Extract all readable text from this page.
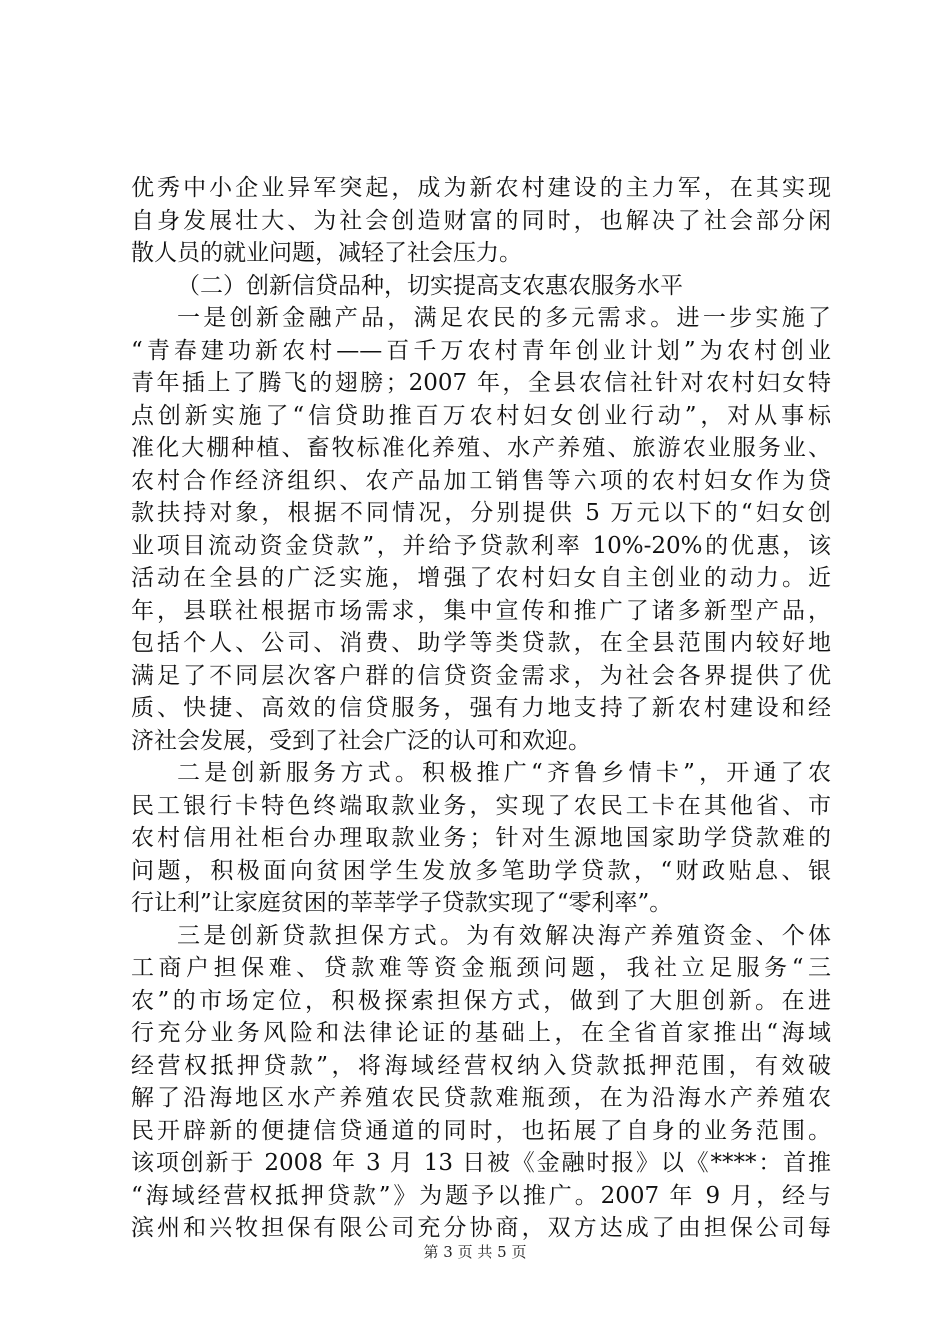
优秀中小企业异军突起，成为新农村建设的主力军，在其实现
自身发展壮大、为社会创造财富的同时，也解决了社会部分闲
散人员的就业问题，减轻了社会压力。
（二）创新信贷品种，切实提高支农惠农服务水平
一是创新金融产品，满足农民的多元需求。进一步实施了
“青春建功新农村——百千万农村青年创业计划”为农村创业
青年插上了腾飞的翅膀；2007 年，全县农信社针对农村妇女特
点创新实施了“信贷助推百万农村妇女创业行动”，对从事标
准化大棚种植、畜牧标准化养殖、水产养殖、旅游农业服务业、
农村合作经济组织、农产品加工销售等六项的农村妇女作为贷
款扶持对象，根据不同情况，分别提供 5 万元以下的“妇女创
业项目流动资金贷款”，并给予贷款利率 10%-20%的优惠，该
活动在全县的广泛实施，增强了农村妇女自主创业的动力。近
年，县联社根据市场需求，集中宣传和推广了诸多新型产品，
包括个人、公司、消费、助学等类贷款，在全县范围内较好地
满足了不同层次客户群的信贷资金需求，为社会各界提供了优
质、快捷、高效的信贷服务，强有力地支持了新农村建设和经
济社会发展，受到了社会广泛的认可和欢迎。
二是创新服务方式。积极推广“齐鲁乡情卡”，开通了农
民工银行卡特色终端取款业务，实现了农民工卡在其他省、市
农村信用社柜台办理取款业务；针对生源地国家助学贷款难的
问题，积极面向贫困学生发放多笔助学贷款，“财政贴息、银
行让利”让家庭贫困的莘莘学子贷款实现了“零利率”。
三是创新贷款担保方式。为有效解决海产养殖资金、个体
工商户担保难、贷款难等资金瓶颈问题，我社立足服务“三
农”的市场定位，积极探索担保方式，做到了大胆创新。在进
行充分业务风险和法律论证的基础上，在全省首家推出“海域
经营权抵押贷款”，将海域经营权纳入贷款抵押范围，有效破
解了沿海地区水产养殖农民贷款难瓶颈，在为沿海水产养殖农
民开辟新的便捷信贷通道的同时，也拓展了自身的业务范围。
该项创新于 2008 年 3 月 13 日被《金融时报》以《****：首推
“海域经营权抵押贷款”》为题予以推广。2007 年 9 月，经与
滨州和兴牧担保有限公司充分协商，双方达成了由担保公司每
第 3 页 共 5 页
